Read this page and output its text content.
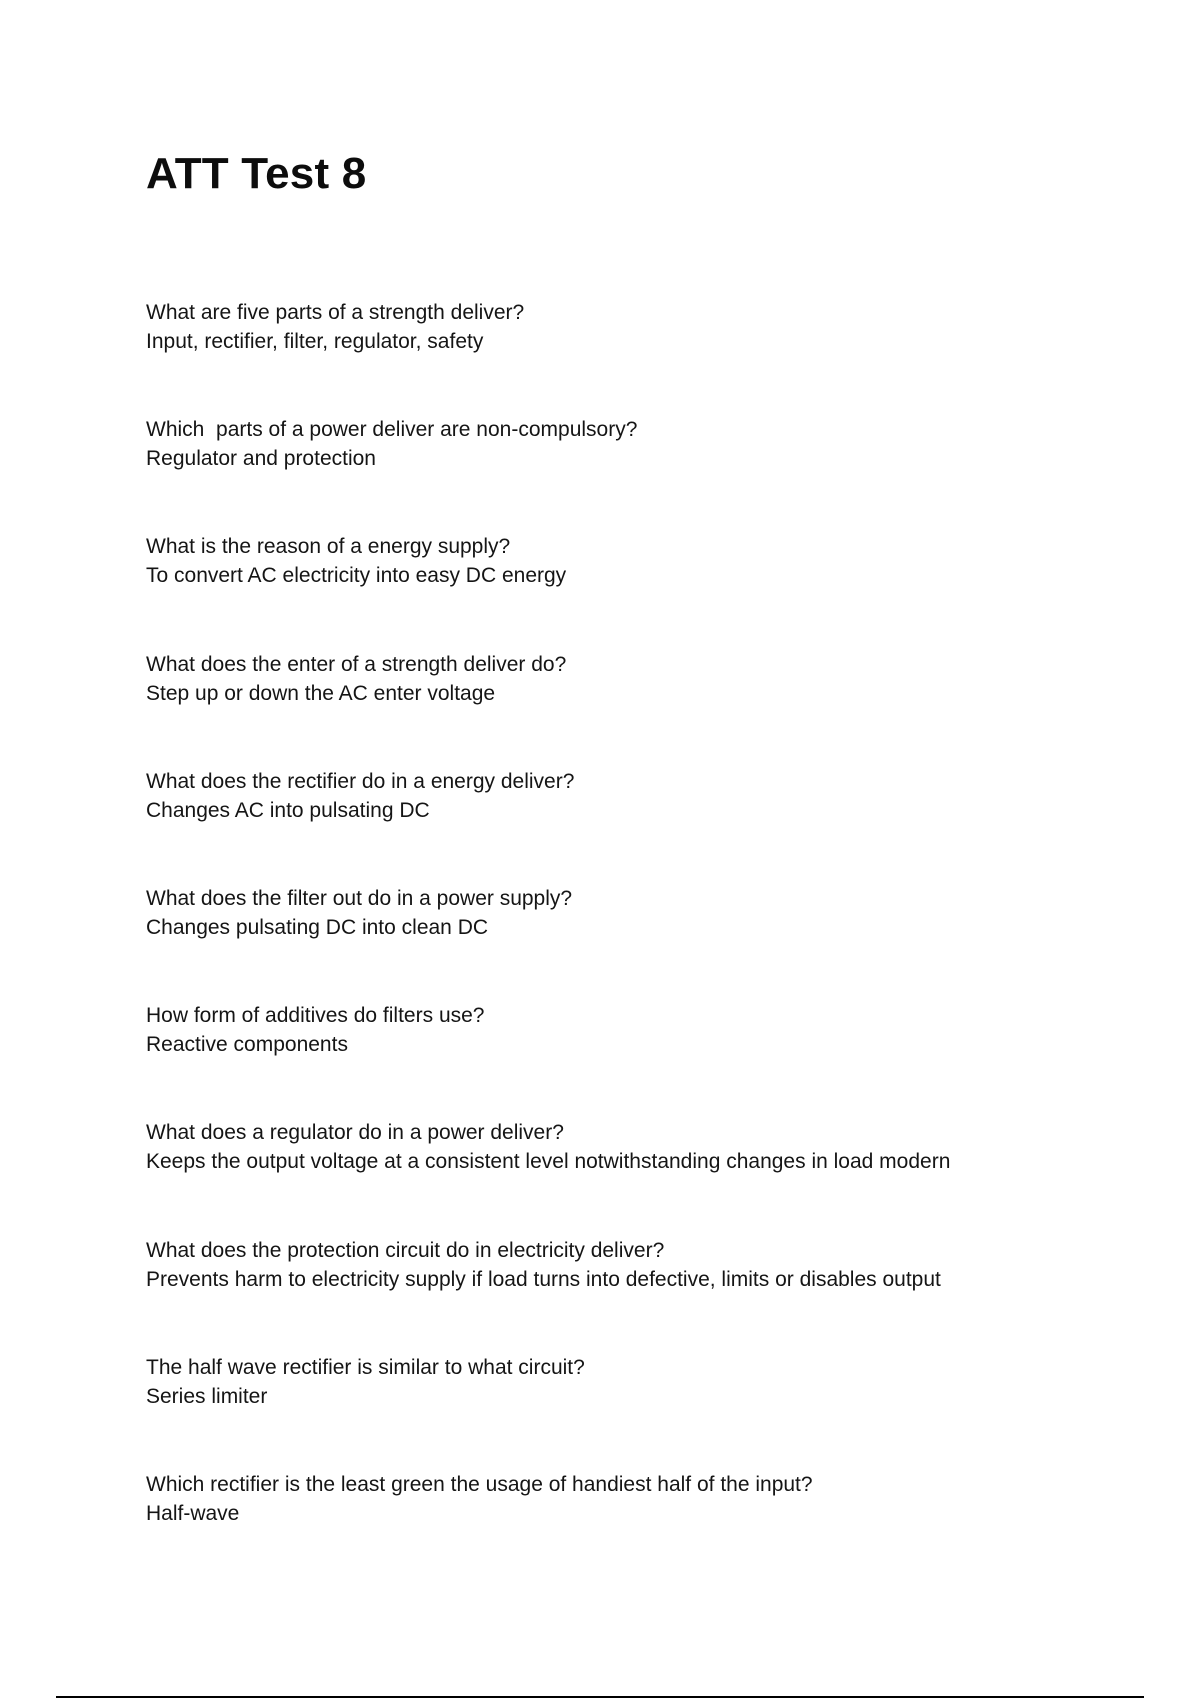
ATT Test 8
What are five parts of a strength deliver?
Input, rectifier, filter, regulator, safety
Which  parts of a power deliver are non-compulsory?
Regulator and protection
What is the reason of a energy supply?
To convert AC electricity into easy DC energy
What does the enter of a strength deliver do?
Step up or down the AC enter voltage
What does the rectifier do in a energy deliver?
Changes AC into pulsating DC
What does the filter out do in a power supply?
Changes pulsating DC into clean DC
How form of additives do filters use?
Reactive components
What does a regulator do in a power deliver?
Keeps the output voltage at a consistent level notwithstanding changes in load modern
What does the protection circuit do in electricity deliver?
Prevents harm to electricity supply if load turns into defective, limits or disables output
The half wave rectifier is similar to what circuit?
Series limiter
Which rectifier is the least green the usage of handiest half of the input?
Half-wave
